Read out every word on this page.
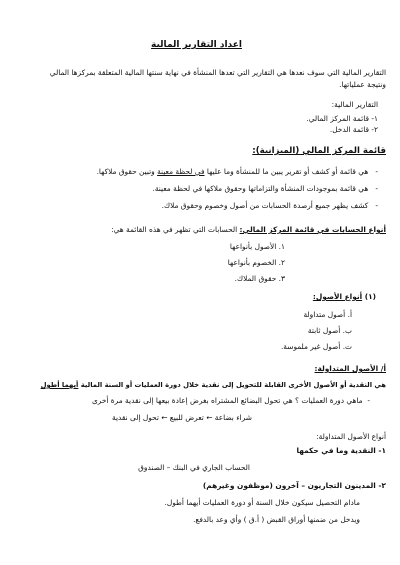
اعداد التقارير المالية
التقارير المالية التي سوف نعدها هي التقارير التي تعدها المنشأة في نهاية سنتها المالية المتعلقة بمركزها المالي
ونتيجة عملياتها.
التقارير المالية:
١- قائمة المركز المالي.
٢- قائمة الدخل.
قائمة المركز المالي (الميزانية):
-   هي قائمة أو كشف أو تقرير يبين ما للمنشأة وما عليها في لحظة معينة وتبين حقوق ملاكها.
-   هي قائمة بموجودات المنشأة والتزاماتها وحقوق ملاكها في لحظة معينة.
-   كشف يظهر جميع أرصدة الحسابات من أصول وخصوم وحقوق ملاك.
أنواع الحسابات في قائمة المركز المالي: الحسابات التي تظهر في هذه القائمة هي:
١. الأصول بأنواعها
٢. الخصوم بأنواعها
٣. حقوق الملاك.
(١) أنواع الأصول:
أ. أصول متداولة
ب. أصول ثابتة
ت. أصول غير ملموسة.
أ/ الأصول المتداولة:
هي النقدية أو الأصول الأخرى القابلة للتحويل إلى نقدية خلال دورة العمليات أو السنة المالية أيهما أطول
-  ماهي دورة العمليات ؟ هي تحول البضائع المشتراه بغرض إعادة بيعها إلى نقدية مرة أخرى
شراء بضاعة ← تعرض للبيع ← تحول إلى نقدية
أنواع الأصول المتداولة:
١- النقدية وما في حكمها
الحساب الجاري في البنك – الصندوق
٢- المدينون التجاريون – آخرون (موظفون وغيرهم)
مادام التحصيل سيكون خلال السنة أو دورة العمليات أيهما أطول.
ويدخل من ضمنها أوراق القبض ( أ.ق ) وأي وعد بالدفع.
